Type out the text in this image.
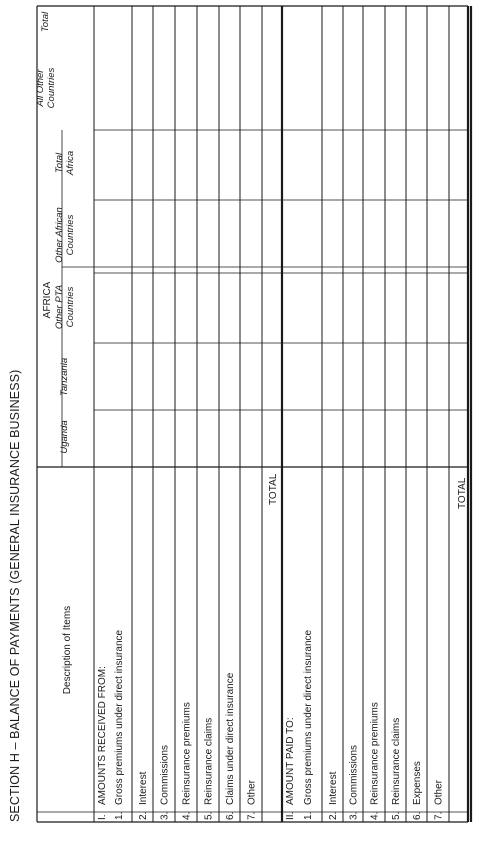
SECTION H – BALANCE OF PAYMENTS (GENERAL INSURANCE BUSINESS)	Description of Items
AFRICA
Uganda
Tanzania
Other PTA Countries
Other African Countries
Total Africa
All Other Countries
Total
I.
AMOUNTS RECEIVED FROM:
1.
Gross premiums under direct insurance
2.
Interest
3.
Commissions
4.
Reinsurance premiums
5.
Reinsurance claims
6.
Claims under direct insurance
7.
Other
TOTAL
II.
AMOUNT PAID TO:
1.
Gross premiums under direct insurance
2.
Interest
3.
Commissions
4.
Reinsurance premiums
5.
Reinsurance claims
6.
Expenses
7.
Other
TOTAL
